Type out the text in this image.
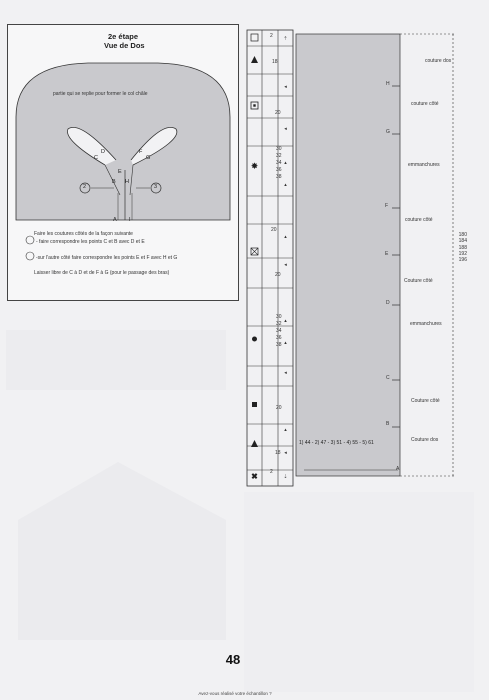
2e étape
Vue de Dos
partie qui se replie pour former le col châle
D
C
E
F
G
B H
A I
2	3
Faire les coutures côtés de la façon suivante
- faire correspondre les points C et B avec D et E
-sur l'autre côté faire correspondre les points E et F avec H et G
Laisser libre de C à D et de F à G (pour le passage des bras)
✸
✖
⇡
◂
◂
▴
▴
▴
◂
▴
▴
◂
▴
◂
⇣
2
18
20
30
32
34
36
38
20
20
30
32
34
36
38
20
18
2
H
G
F
E
D
C
B
A
couture dos
couture côté
emmanchures
couture côté
Couture côté
emmanchures
Couture côté
Couture dos
180
184
188
192
196
1) 44 - 2) 47 - 3) 51 - 4) 55 - 5) 61
48
Avez-vous réalisé votre échantillon ?
